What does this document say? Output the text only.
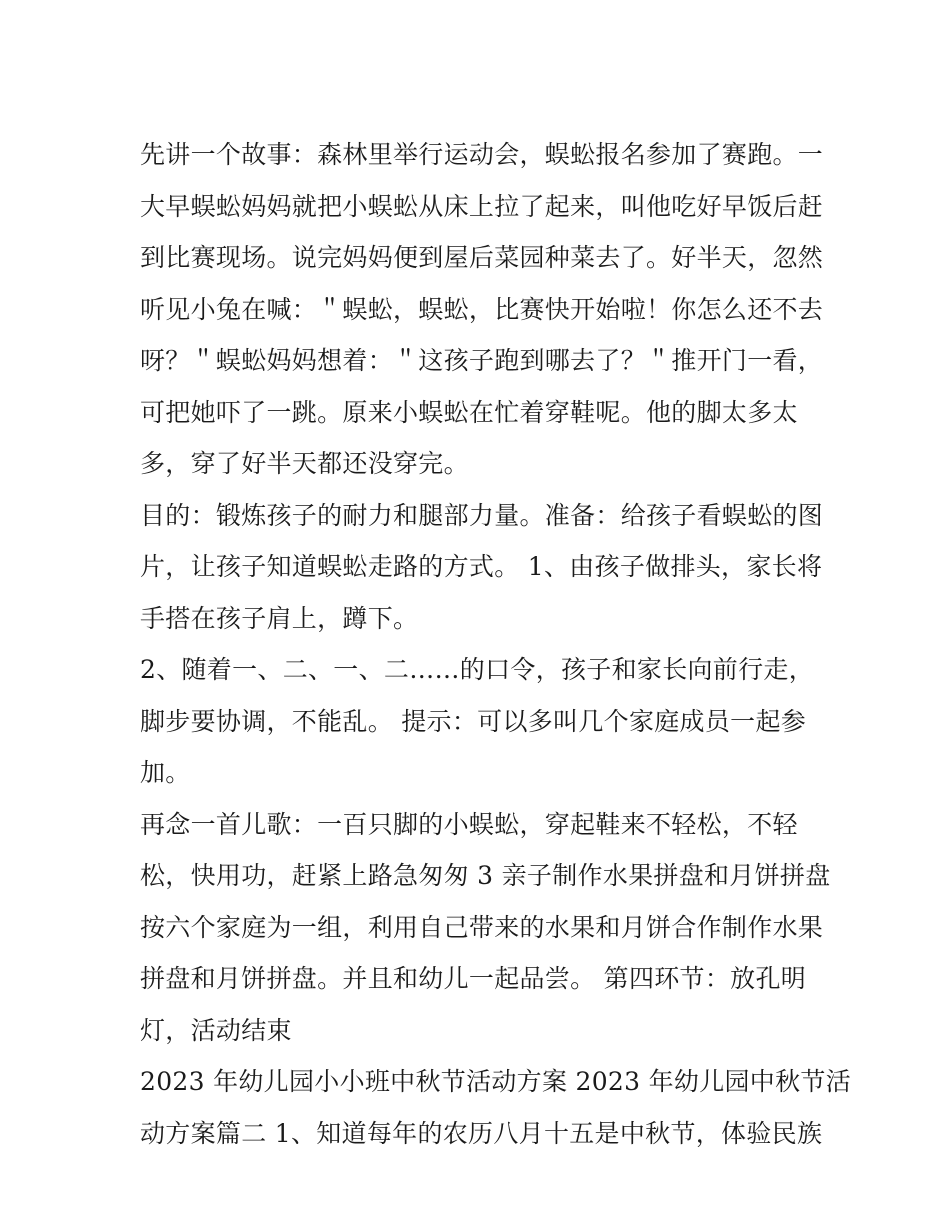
先讲一个故事：森林里举行运动会，蜈蚣报名参加了赛跑。一
大早蜈蚣妈妈就把小蜈蚣从床上拉了起来，叫他吃好早饭后赶
到比赛现场。说完妈妈便到屋后菜园种菜去了。好半天，忽然
听见小兔在喊：＂蜈蚣，蜈蚣，比赛快开始啦！你怎么还不去
呀？＂蜈蚣妈妈想着：＂这孩子跑到哪去了？＂推开门一看，
可把她吓了一跳。原来小蜈蚣在忙着穿鞋呢。他的脚太多太
多，穿了好半天都还没穿完。
目的：锻炼孩子的耐力和腿部力量。准备：给孩子看蜈蚣的图
片，让孩子知道蜈蚣走路的方式。 1、由孩子做排头，家长将
手搭在孩子肩上，蹲下。
2、随着一、二、一、二……的口令，孩子和家长向前行走，
脚步要协调，不能乱。 提示：可以多叫几个家庭成员一起参
加。
再念一首儿歌：一百只脚的小蜈蚣，穿起鞋来不轻松，不轻
松，快用功，赶紧上路急匆匆 3 亲子制作水果拼盘和月饼拼盘
按六个家庭为一组，利用自己带来的水果和月饼合作制作水果
拼盘和月饼拼盘。并且和幼儿一起品尝。 第四环节：放孔明
灯，活动结束
2023 年幼儿园小小班中秋节活动方案 2023 年幼儿园中秋节活
动方案篇二 1、知道每年的农历八月十五是中秋节，体验民族
